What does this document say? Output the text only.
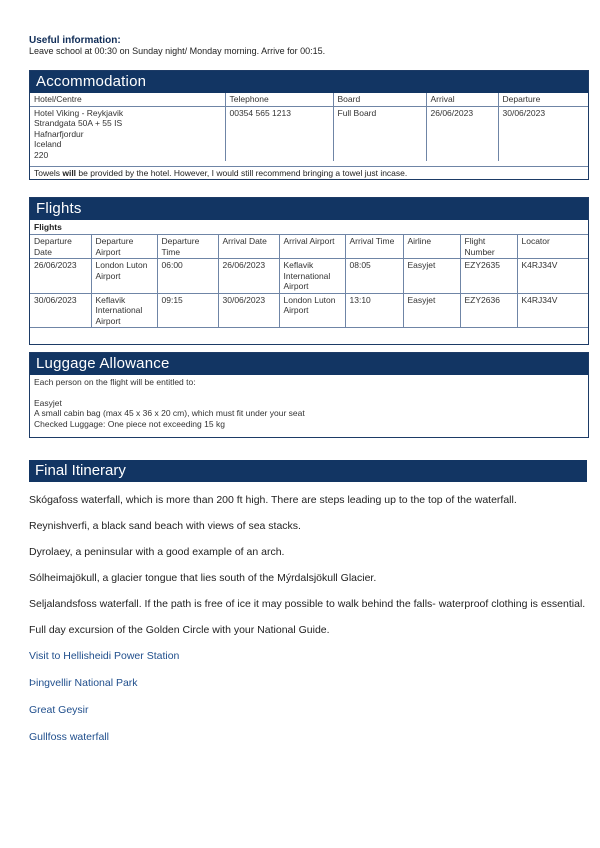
Useful information:
Leave school at 00:30 on Sunday night/ Monday morning. Arrive for 00:15.
Accommodation
Hotel/Centre	Telephone	Board	Arrival	Departure

Hotel Viking - Reykjavik
Strandgata 50A + 55 IS
Hafnarfjordur
Iceland
220	00354 565 1213	Full Board	26/06/2023	30/06/2023
Towels will be provided by the hotel. However, I would still recommend bringing a towel just incase.
Flights
Flights
Departure Date	Departure Airport	Departure Time	Arrival Date	Arrival Airport	Arrival Time	Airline	Flight Number	Locator
26/06/2023	London Luton Airport	06:00	26/06/2023	Keflavik International Airport	08:05	Easyjet	EZY2635	K4RJ34V
30/06/2023	Keflavik International Airport	09:15	30/06/2023	London Luton Airport	13:10	Easyjet	EZY2636	K4RJ34V
Luggage Allowance
Each person on the flight will be entitled to:
Easyjet
A small cabin bag (max 45 x 36 x 20 cm), which must fit under your seat
Checked Luggage: One piece not exceeding 15 kg
Final Itinerary

Skógafoss waterfall, which is more than 200 ft high. There are steps leading up to the top of the waterfall.

Reynishverfi, a black sand beach with views of sea stacks.

Dyrolaey, a peninsular with a good example of an arch.

Sólheimajökull, a glacier tongue that lies south of the Mýrdalsjökull Glacier.

Seljalandsfoss waterfall. If the path is free of ice it may possible to walk behind the falls- waterproof clothing is essential.

Full day excursion of the Golden Circle with your National Guide.

Visit to Hellisheidi Power Station

Þingvellir National Park

Great Geysir

Gullfoss waterfall
